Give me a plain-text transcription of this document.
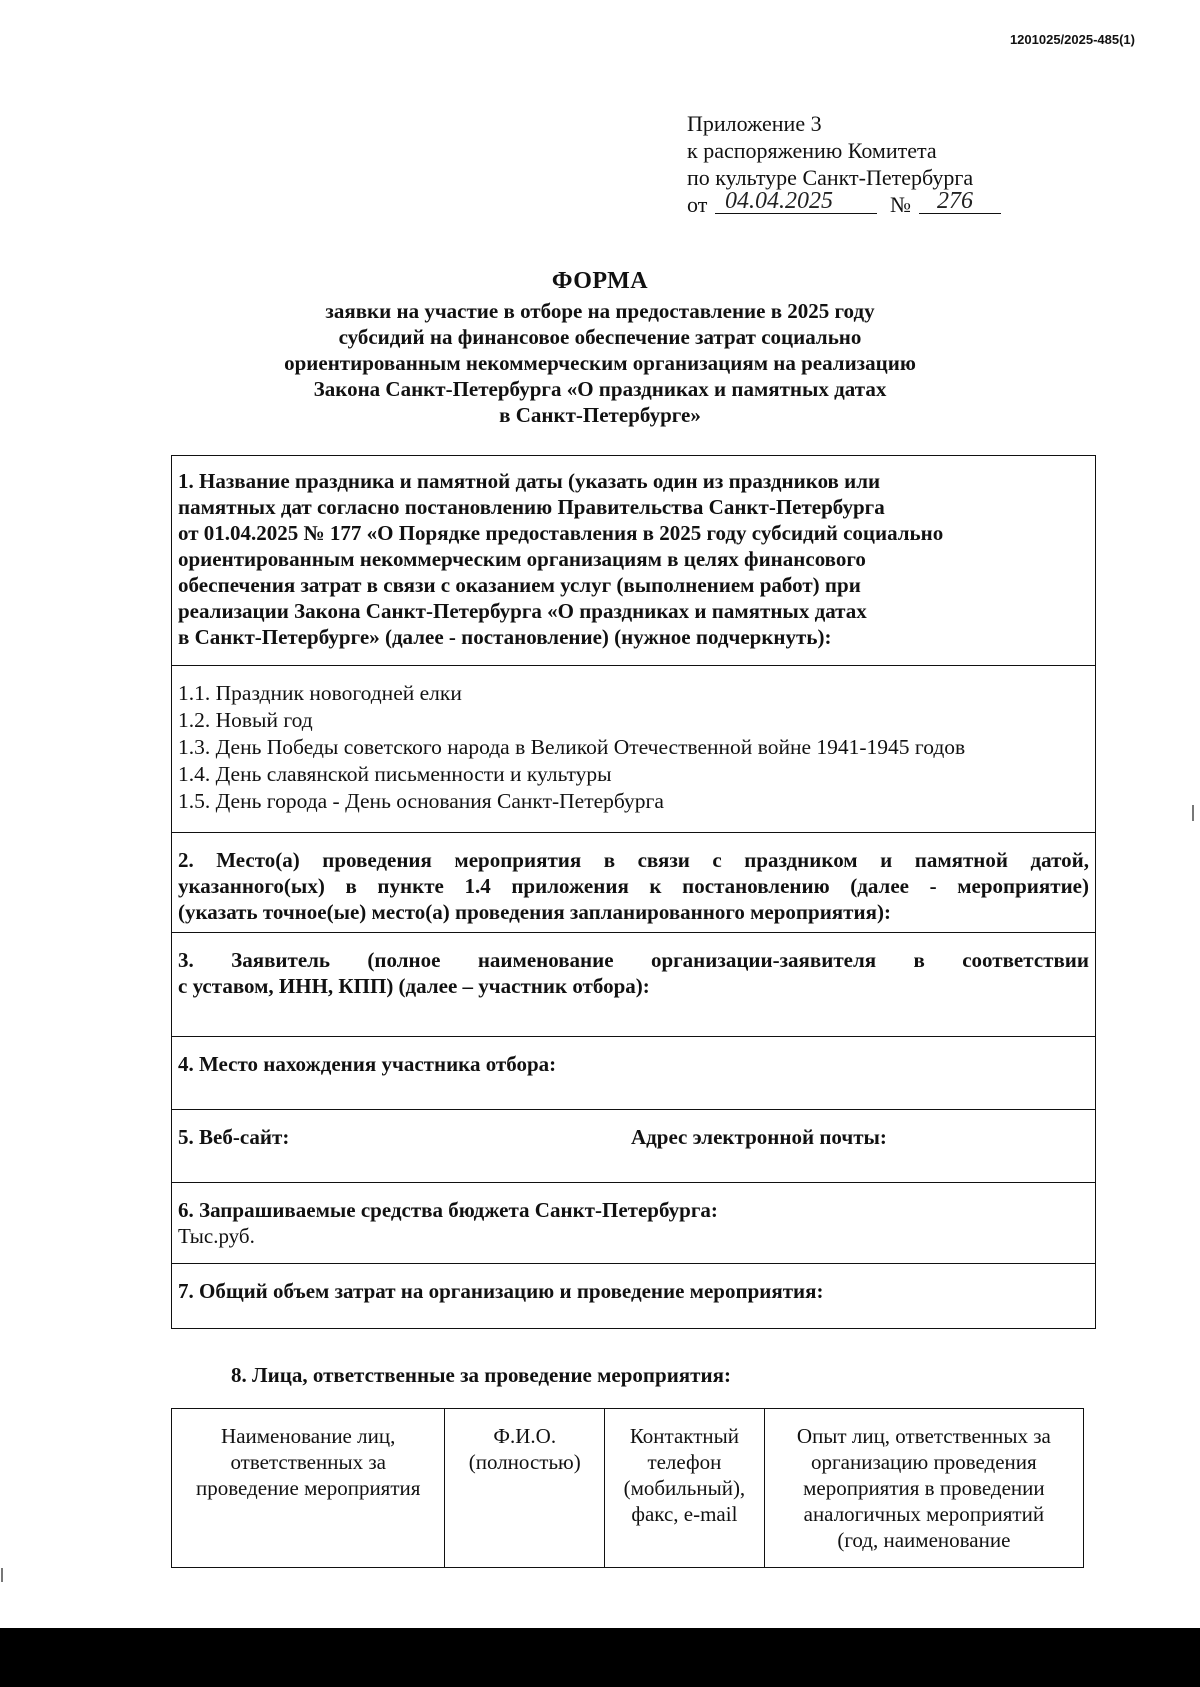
1201025/2025-485(1)
Приложение 3
к распоряжению Комитета
по культуре Санкт-Петербурга
от 04.04.2025	№ 276
ФОРМА
заявки на участие в отборе на предоставление в 2025 году
субсидий на финансовое обеспечение затрат социально
ориентированным некоммерческим организациям на реализацию
Закона Санкт-Петербурга «О праздниках и памятных датах
в Санкт-Петербурге»
1. Название праздника и памятной даты (указать один из праздников или
памятных дат согласно постановлению Правительства Санкт-Петербурга
от 01.04.2025 № 177 «О Порядке предоставления в 2025 году субсидий социально
ориентированным некоммерческим организациям в целях финансового
обеспечения затрат в связи с оказанием услуг (выполнением работ) при
реализации Закона Санкт-Петербурга «О праздниках и памятных датах
в Санкт-Петербурге» (далее - постановление) (нужное подчеркнуть):
1.1. Праздник новогодней елки
1.2. Новый год
1.3. День Победы советского народа в Великой Отечественной войне 1941-1945 годов
1.4. День славянской письменности и культуры
1.5. День города - День основания Санкт-Петербурга
2. Место(а) проведения мероприятия в связи с праздником и памятной датой,
указанного(ых) в пункте 1.4 приложения к постановлению (далее - мероприятие)
(указать точное(ые) место(а) проведения запланированного мероприятия):
3. Заявитель (полное наименование организации-заявителя в соответствии
с уставом, ИНН, КПП) (далее – участник отбора):
4. Место нахождения участника отбора:
5. Веб-сайт:	Адрес электронной почты:
6. Запрашиваемые средства бюджета Санкт-Петербурга:
Тыс.руб.
7. Общий объем затрат на организацию и проведение мероприятия:
8. Лица, ответственные за проведение мероприятия:
Наименование лиц,
ответственных за
проведение мероприятия
Ф.И.О.
(полностью)
Контактный
телефон
(мобильный),
факс, e-mail
Опыт лиц, ответственных за
организацию проведения
мероприятия в проведении
аналогичных мероприятий
(год, наименование
